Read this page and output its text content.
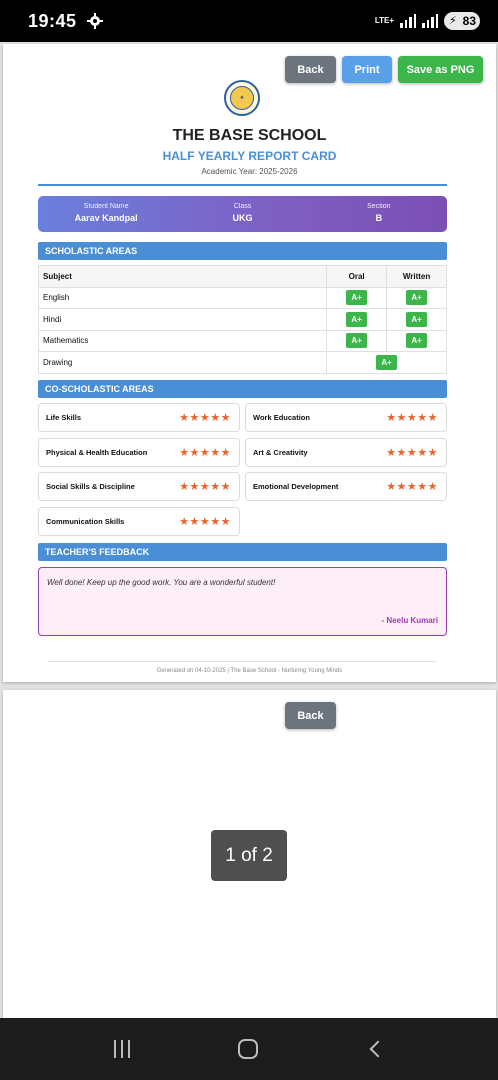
19:45	LTE+	⚡ 83
Back	Print	Save as PNG
★
THE BASE SCHOOL
HALF YEARLY REPORT CARD
Academic Year: 2025-2026
Student Name
Aarav Kandpal
Class
UKG
Section
B
SCHOLASTIC AREAS
Subject	Oral	Written
English	A+	A+
Hindi	A+	A+
Mathematics	A+	A+
Drawing	A+	
CO-SCHOLASTIC AREAS
Life Skills	★★★★★	Work Education	★★★★★
Physical & Health Education	★★★★★	Art & Creativity	★★★★★
Social Skills & Discipline	★★★★★	Emotional Development	★★★★★
Communication Skills	★★★★★
TEACHER'S FEEDBACK
Well done! Keep up the good work. You are a wonderful student!
- Neelu Kumari
Generated on 04-10-2025 | The Base School - Nurturing Young Minds
Back
1 of 2
